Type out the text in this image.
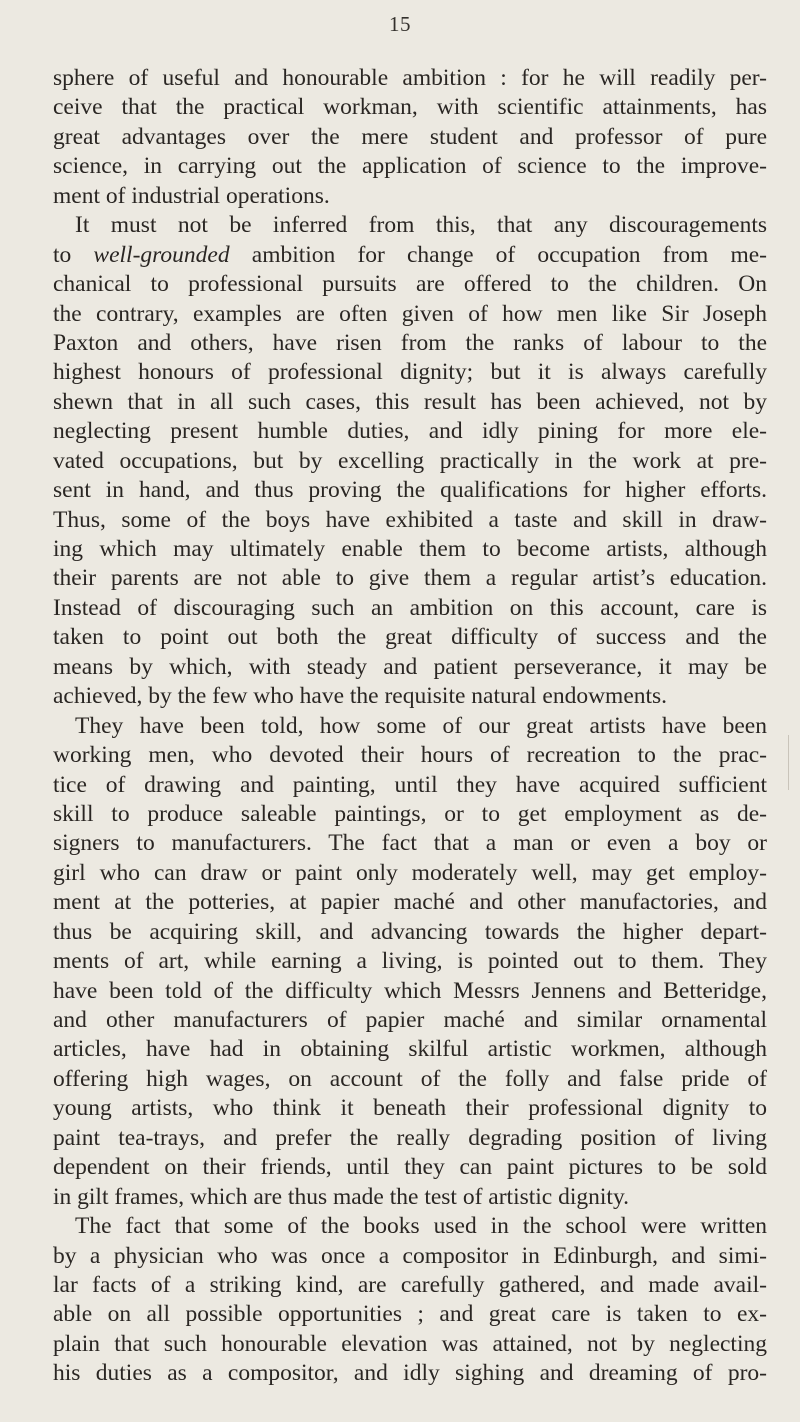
15
sphere of useful and honourable ambition : for he will readily per-
ceive that the practical workman, with scientific attainments, has
great advantages over the mere student and professor of pure
science, in carrying out the application of science to the improve-
ment of industrial operations.
It must not be inferred from this, that any discouragements
to well-grounded ambition for change of occupation from me-
chanical to professional pursuits are offered to the children. On
the contrary, examples are often given of how men like Sir Joseph
Paxton and others, have risen from the ranks of labour to the
highest honours of professional dignity; but it is always carefully
shewn that in all such cases, this result has been achieved, not by
neglecting present humble duties, and idly pining for more ele-
vated occupations, but by excelling practically in the work at pre-
sent in hand, and thus proving the qualifications for higher efforts.
Thus, some of the boys have exhibited a taste and skill in draw-
ing which may ultimately enable them to become artists, although
their parents are not able to give them a regular artist’s education.
Instead of discouraging such an ambition on this account, care is
taken to point out both the great difficulty of success and the
means by which, with steady and patient perseverance, it may be
achieved, by the few who have the requisite natural endowments.
They have been told, how some of our great artists have been
working men, who devoted their hours of recreation to the prac-
tice of drawing and painting, until they have acquired sufficient
skill to produce saleable paintings, or to get employment as de-
signers to manufacturers. The fact that a man or even a boy or
girl who can draw or paint only moderately well, may get employ-
ment at the potteries, at papier maché and other manufactories, and
thus be acquiring skill, and advancing towards the higher depart-
ments of art, while earning a living, is pointed out to them. They
have been told of the difficulty which Messrs Jennens and Betteridge,
and other manufacturers of papier maché and similar ornamental
articles, have had in obtaining skilful artistic workmen, although
offering high wages, on account of the folly and false pride of
young artists, who think it beneath their professional dignity to
paint tea-trays, and prefer the really degrading position of living
dependent on their friends, until they can paint pictures to be sold
in gilt frames, which are thus made the test of artistic dignity.
The fact that some of the books used in the school were written
by a physician who was once a compositor in Edinburgh, and simi-
lar facts of a striking kind, are carefully gathered, and made avail-
able on all possible opportunities ; and great care is taken to ex-
plain that such honourable elevation was attained, not by neglecting
his duties as a compositor, and idly sighing and dreaming of pro-
